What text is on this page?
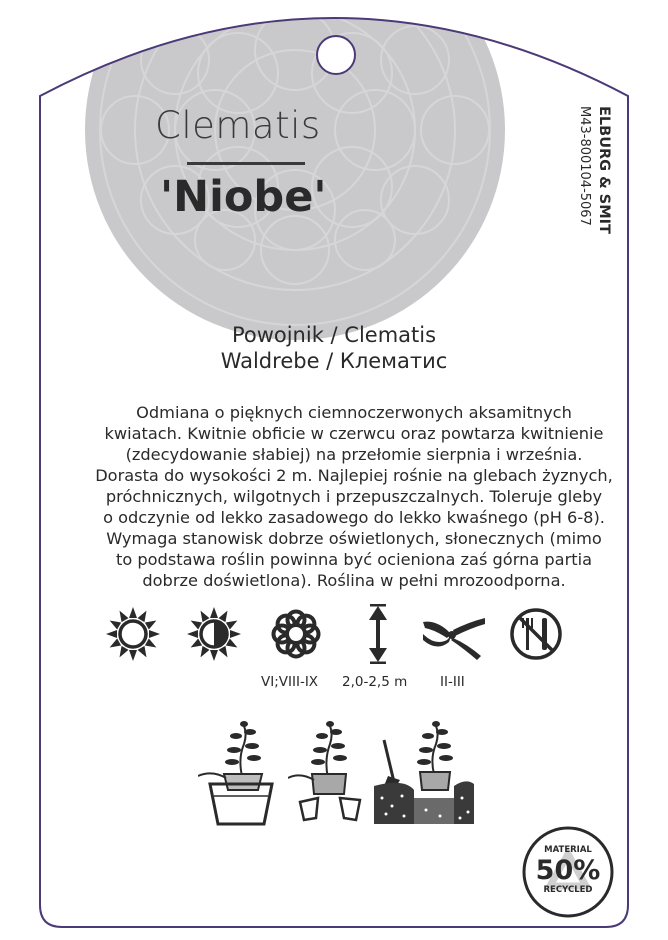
Clematis
'Niobe'	ELBURG & SMIT
M43-800104-5067
Powojnik / Clematis
Waldrebe / Клематис
Odmiana o pięknych ciemnoczerwonych aksamitnych
kwiatach. Kwitnie obficie w czerwcu oraz powtarza kwitnienie
(zdecydowanie słabiej) na przełomie sierpnia i września.
Dorasta do wysokości 2 m. Najlepiej rośnie na glebach żyznych,
próchnicznych, wilgotnych i przepuszczalnych. Toleruje gleby
o odczynie od lekko zasadowego do lekko kwaśnego (pH 6-8).
Wymaga stanowisk dobrze oświetlonych, słonecznych (mimo
to podstawa roślin powinna być ocieniona zaś górna partia
dobrze doświetlona). Roślina w pełni mrozoodporna.
VI;VIII-IX 2,0-2,5 m II-III
MATERIAL
50%
RECYCLED
